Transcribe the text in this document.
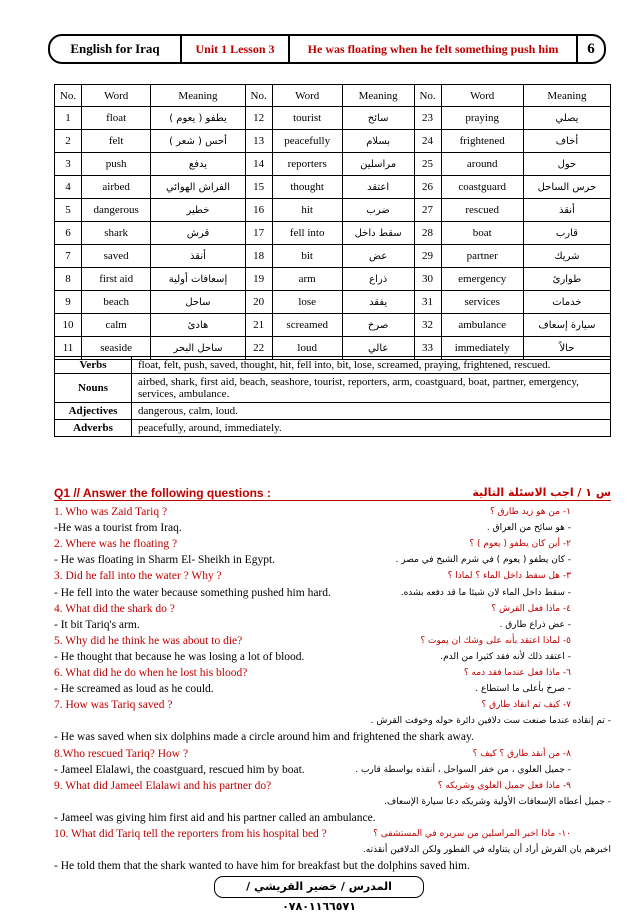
English for Iraq	Unit 1 Lesson 3	He was floating when he felt something push him	6
No.	Word	Meaning	No.	Word	Meaning	No.	Word	Meaning
1	float	يطفو ( يعوم )	12	tourist	سائح	23	praying	يصلي
2	felt	أحس ( شعر )	13	peacefully	بسلام	24	frightened	أخاف
3	push	يدفع	14	reporters	مراسلين	25	around	حول
4	airbed	الفراش الهوائي	15	thought	اعتقد	26	coastguard	حرس الساحل
5	dangerous	خطير	16	hit	ضرب	27	rescued	أنقذ
6	shark	قرش	17	fell into	سقط داخل	28	boat	قارب
7	saved	أنقذ	18	bit	عض	29	partner	شريك
8	first aid	إسعافات أولية	19	arm	ذراع	30	emergency	طوارئ
9	beach	ساحل	20	lose	يفقد	31	services	خدمات
10	calm	هادئ	21	screamed	صرخ	32	ambulance	سيارة إسعاف
11	seaside	ساحل البحر	22	loud	عالي	33	immediately	حالاً
Verbs	float, felt, push, saved, thought, hit, fell into, bit, lose, screamed, praying, frightened, rescued.
Nouns	airbed, shark, first aid, beach, seashore, tourist, reporters, arm, coastguard, boat, partner, emergency, services, ambulance.
Adjectives	dangerous, calm, loud.
Adverbs	peacefully, around, immediately.
Q1 // Answer the following questions :	س ١ / اجب الاسئلة التالية
1. Who was Zaid Tariq ?	١- من هو زيد طارق ؟
-He was a tourist from Iraq.	- هو سائح من العراق .
2. Where was he floating ?	٢- أين كان يطفو ( يعوم ) ؟
- He was floating in Sharm El- Sheikh in Egypt.	- كان يطفو ( يعوم ) في شرم الشيخ في مصر .
3. Did he fall into the water ? Why ?	٣- هل سقط داخل الماء ؟ لماذا ؟
- He fell into the water because something pushed him hard.	- سقط داخل الماء لان شيئا ما قد دفعه بشده.
4. What did the shark do ?	٤- ماذا فعل القرش ؟
- It bit Tariq's arm.	- عض ذراع طارق .
5. Why did he think he was about to die?	٥- لماذا اعتقد بأنه على وشك ان يموت ؟
- He thought that because he was losing a lot of blood.	- اعتقد ذلك لأنه فقد كثيرا من الدم.
6. What did he do when he lost his blood?	٦- ماذا فعل عندما فقد دمه ؟
- He screamed as loud as he could.	- صرخ بأعلى ما استطاع .
7. How was Tariq saved ?	٧- كيف تم انقاذ طارق ؟
- تم إنقاذه عندما صنعت ست دلافين دائرة حوله وخوفت القرش .
- He was saved when six dolphins made a circle around him and frightened the shark away.
8.Who rescued Tariq? How ?	٨- من أنقذ طارق ؟ كيف ؟
- Jameel Elalawi, the coastguard, rescued him by boat.	- جميل العلوي ، من خفر السواحل ، أنقذه بواسطة قارب .
9. What did Jameel Elalawi and his partner do?	٩- ماذا فعل جميل العلوي وشريكه ؟
- جميل أعطاه الإسعافات الأولية وشريكه دعا سيارة الإسعاف.
- Jameel was giving him first aid and his partner called an ambulance.
10. What did Tariq tell the reporters from his hospital bed ?	١٠- ماذا اخبر المراسلين من سريره في المستشفى ؟
اخبرهم بان القرش أراد أن يتناوله في الفطور ولكن الدلافين أنقذته.
- He told them that the shark wanted to have him for breakfast but the dolphins saved him.
المدرس / خضير القريشي / ٠٧٨٠١١٦٦٥٧١
